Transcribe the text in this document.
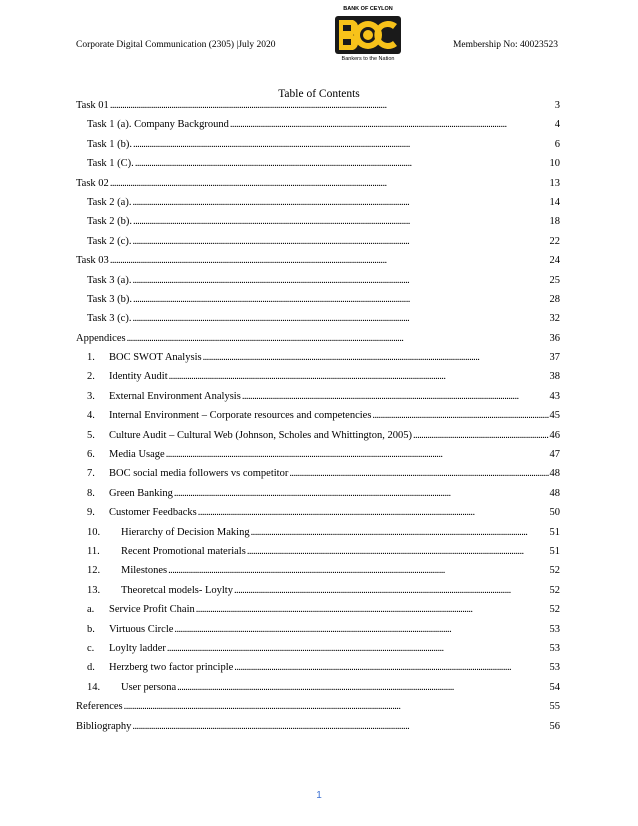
Corporate Digital Communication (2305) |July 2020
BANK OF CEYLON
Bankers to the Nation
Membership No: 40023523
Table of Contents
Task 01 . . .	3
Task 1 (a). Company Background . . .	4
Task 1 (b). . . .	6
Task 1 (C). . . .	10
Task 02 . . .	13
Task 2 (a). . . .	14
Task 2 (b). . . .	18
Task 2 (c). . . .	22
Task 03 . . .	24
Task 3 (a). . . .	25
Task 3 (b). . . .	28
Task 3 (c). . . .	32
Appendices . . .	36
1.	BOC SWOT Analysis . . .	37
2.	Identity Audit . . .	38
3.	External Environment Analysis . . .	43
4.	Internal Environment – Corporate resources and competencies . . .	45
5.	Culture Audit – Cultural Web (Johnson, Scholes and Whittington, 2005) . . .	46
6.	Media Usage . . .	47
7.	BOC social media followers vs competitor . . .	48
8.	Green Banking . . .	48
9.	Customer Feedbacks . . .	50
10.	Hierarchy of Decision Making . . .	51
11.	Recent Promotional materials . . .	51
12.	Milestones . . .	52
13.	Theoretcal models- Loylty . . .	52
a.	Service Profit Chain . . .	52
b.	Virtuous Circle . . .	53
c.	Loylty ladder . . .	53
d.	Herzberg two factor principle . . .	53
14.	User persona . . .	54
References . . .	55
Bibliography . . .	56
1
